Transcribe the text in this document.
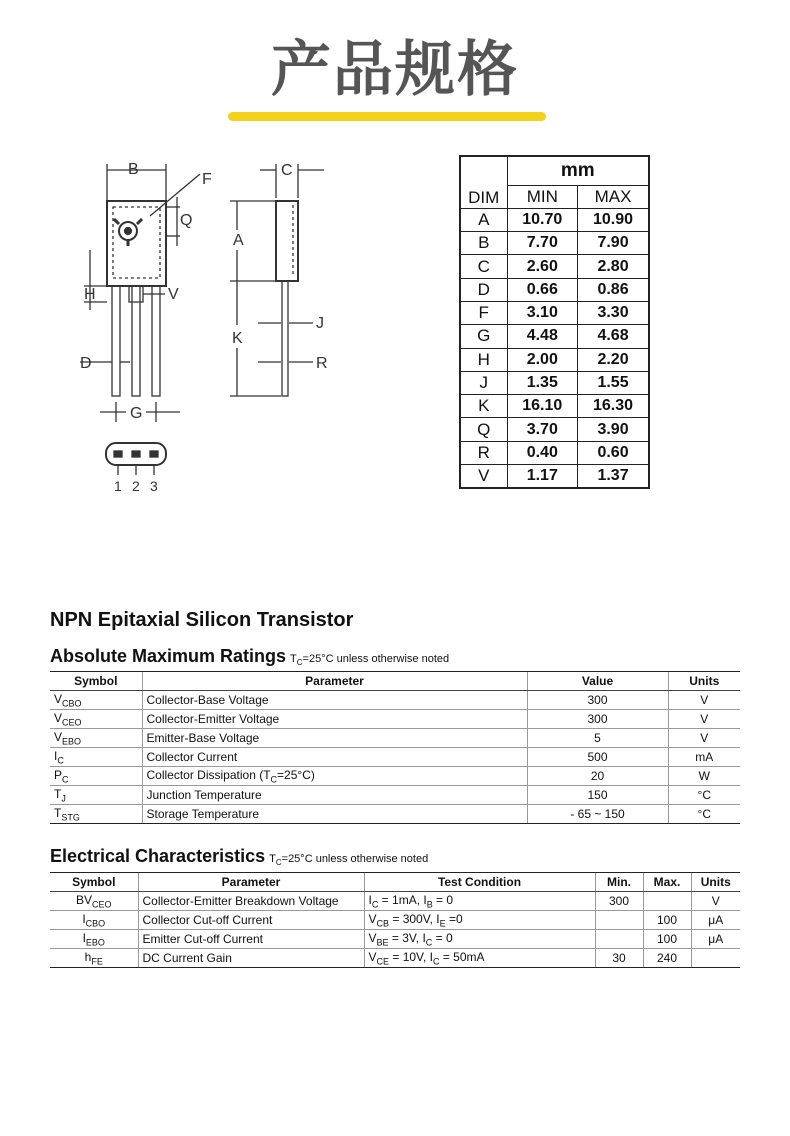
产品规格
B
F
Q
C
A
H	V
J
K
R
D
G
1 2 3
DIM	mm	
	MIN	MAX
A	10.70	10.90
B	7.70	7.90
C	2.60	2.80
D	0.66	0.86
F	3.10	3.30
G	4.48	4.68
H	2.00	2.20
J	1.35	1.55
K	16.10	16.30
Q	3.70	3.90
R	0.40	0.60
V	1.17	1.37
NPN Epitaxial Silicon Transistor
Absolute Maximum Ratings $T_C=25^\circ C$ unless otherwise noted
Symbol	Parameter	Value	Units
$V_{CBO}$	Collector-Base Voltage	300	V
$V_{CEO}$	Collector-Emitter Voltage	300	V
$V_{EBO}$	Emitter-Base Voltage	5	V
$I_C$	Collector Current	500	mA
$P_C$	Collector Dissipation $(T_C=25^\circ C)$	20	W
$T_J$	Junction Temperature	150	°C
$T_{STG}$	Storage Temperature	- 65 ~ 150	°C
Electrical Characteristics $T_C=25^\circ C$ unless otherwise noted
Symbol	Parameter	Test Condition	Min.	Max.	Units
$BV_{CEO}$	Collector-Emitter Breakdown Voltage	$I_C = 1mA$, $I_B = 0$	300		V
$I_{CBO}$	Collector Cut-off Current	$V_{CB} = 300V$, $I_E =0$		100	μA
$I_{EBO}$	Emitter Cut-off Current	$V_{BE} = 3V$, $I_C = 0$		100	μA
$h_{FE}$	DC Current Gain	$V_{CE} = 10V$, $I_C = 50mA$	30	240	
